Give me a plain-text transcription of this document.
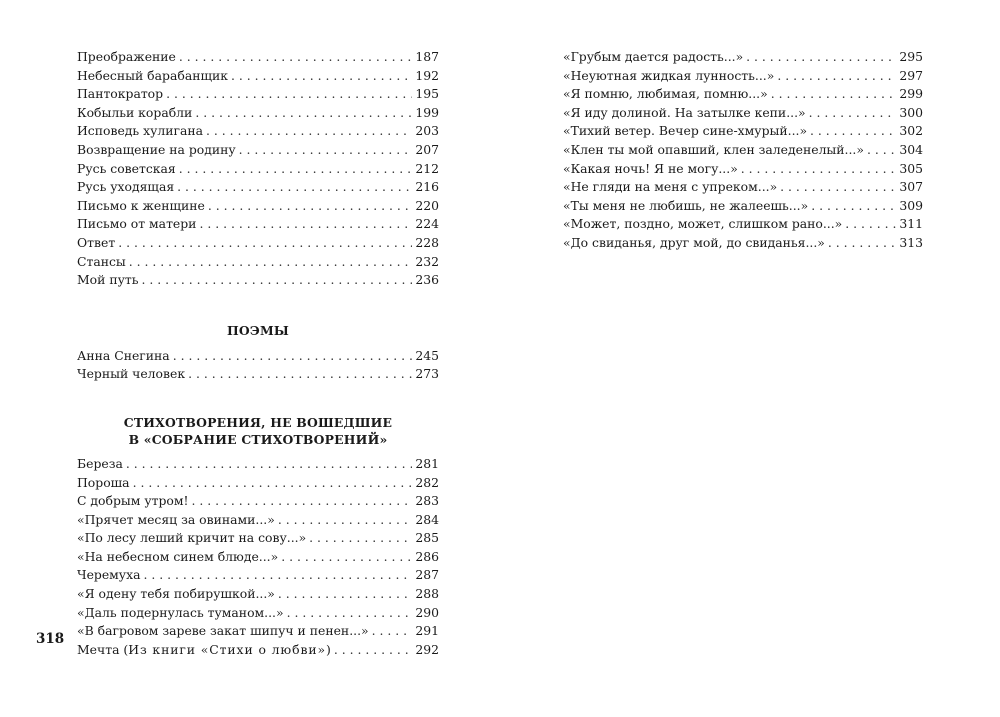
318
Преображение . . .	187
Небесный барабанщик . . .	192
Пантократор . . .	195
Кобыльи корабли . . .	199
Исповедь хулигана . . .	203
Возвращение на родину . . .	207
Русь советская . . .	212
Русь уходящая . . .	216
Письмо к женщине . . .	220
Письмо от матери . . .	224
Ответ . . .	228
Стансы . . .	232
Мой путь . . .	236
ПОЭМЫ
Анна Снегина . . .	245
Черный человек . . .	273
СТИХОТВОРЕНИЯ, НЕ ВОШЕДШИЕ
В «СОБРАНИЕ СТИХОТВОРЕНИЙ»
Береза . . .	281
Пороша . . .	282
С добрым утром! . . .	283
«Прячет месяц за овинами...» . . .	284
«По лесу леший кричит на сову...» . . .	285
«На небесном синем блюде...» . . .	286
Черемуха . . .	287
«Я одену тебя побирушкой...» . . .	288
«Даль подернулась туманом...» . . .	290
«В багровом зареве закат шипуч и пенен...» . . .	291
Мечта (Из книги «Стихи о любви») . . .	292
«Грубым дается радость...» . . .	295
«Неуютная жидкая лунность...» . . .	297
«Я помню, любимая, помню...» . . .	299
«Я иду долиной. На затылке кепи...» . . .	300
«Тихий ветер. Вечер сине-хмурый...» . . .	302
«Клен ты мой опавший, клен заледенелый...» . . .	304
«Какая ночь! Я не могу...» . . .	305
«Не гляди на меня с упреком...» . . .	307
«Ты меня не любишь, не жалеешь...» . . .	309
«Может, поздно, может, слишком рано...» . . .	311
«До свиданья, друг мой, до свиданья...» . . .	313
